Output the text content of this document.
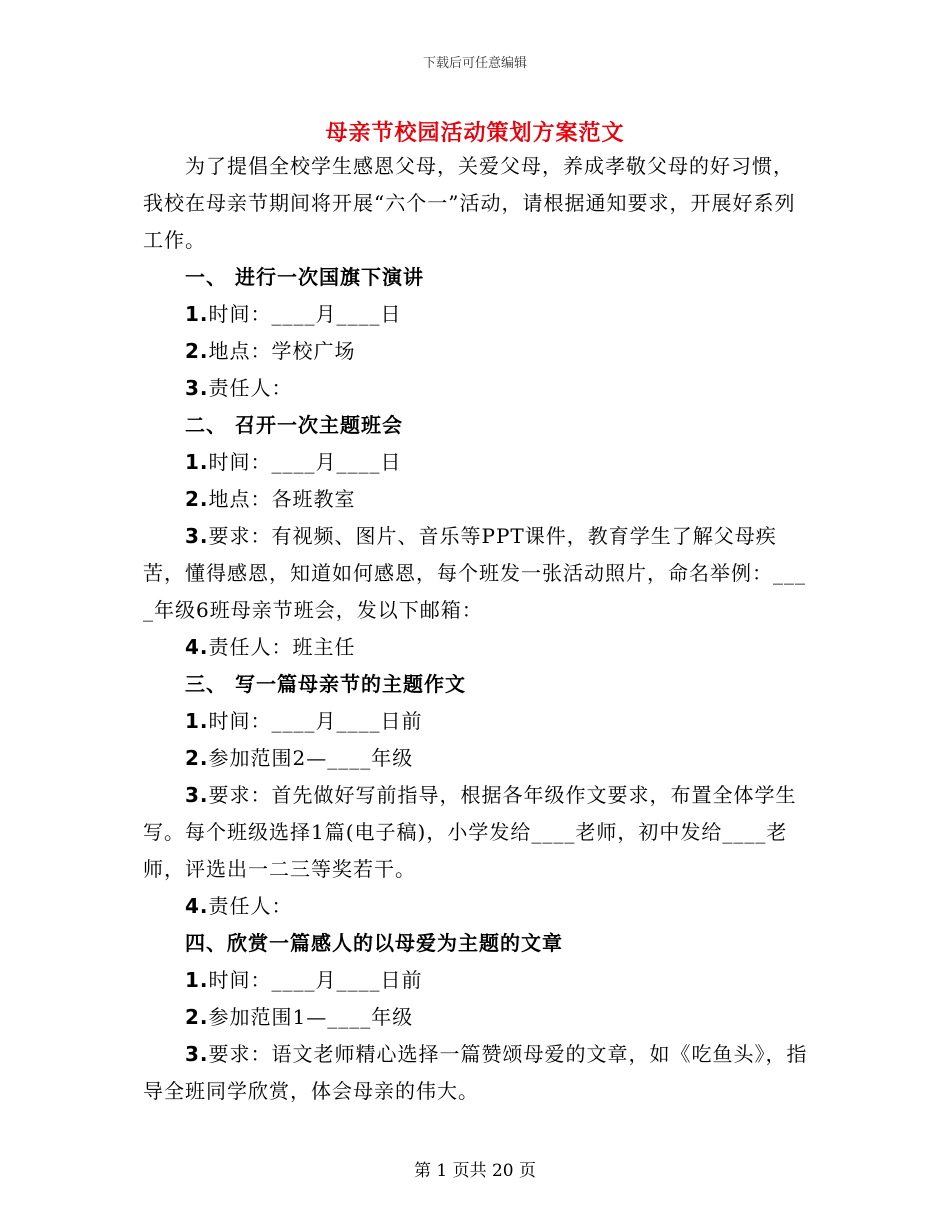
下载后可任意编辑
母亲节校园活动策划方案范文

为了提倡全校学生感恩父母，关爱父母，养成孝敬父母的好习惯，我校在母亲节期间将开展“六个一”活动，请根据通知要求，开展好系列工作。

一、 进行一次国旗下演讲

1.时间：____月____日

2.地点：学校广场

3.责任人：

二、 召开一次主题班会

1.时间：____月____日

2.地点：各班教室

3.要求：有视频、图片、音乐等PPT课件，教育学生了解父母疾苦，懂得感恩，知道如何感恩，每个班发一张活动照片，命名举例：____年级6班母亲节班会，发以下邮箱：

4.责任人：班主任

三、 写一篇母亲节的主题作文

1.时间：____月____日前

2.参加范围2—____年级

3.要求：首先做好写前指导，根据各年级作文要求，布置全体学生写。每个班级选择1篇(电子稿)，小学发给____老师，初中发给____老师，评选出一二三等奖若干。

4.责任人：

四、欣赏一篇感人的以母爱为主题的文章

1.时间：____月____日前

2.参加范围1—____年级

3.要求：语文老师精心选择一篇赞颂母爱的文章，如《吃鱼头》，指导全班同学欣赏，体会母亲的伟大。

第 1 页共 20 页
